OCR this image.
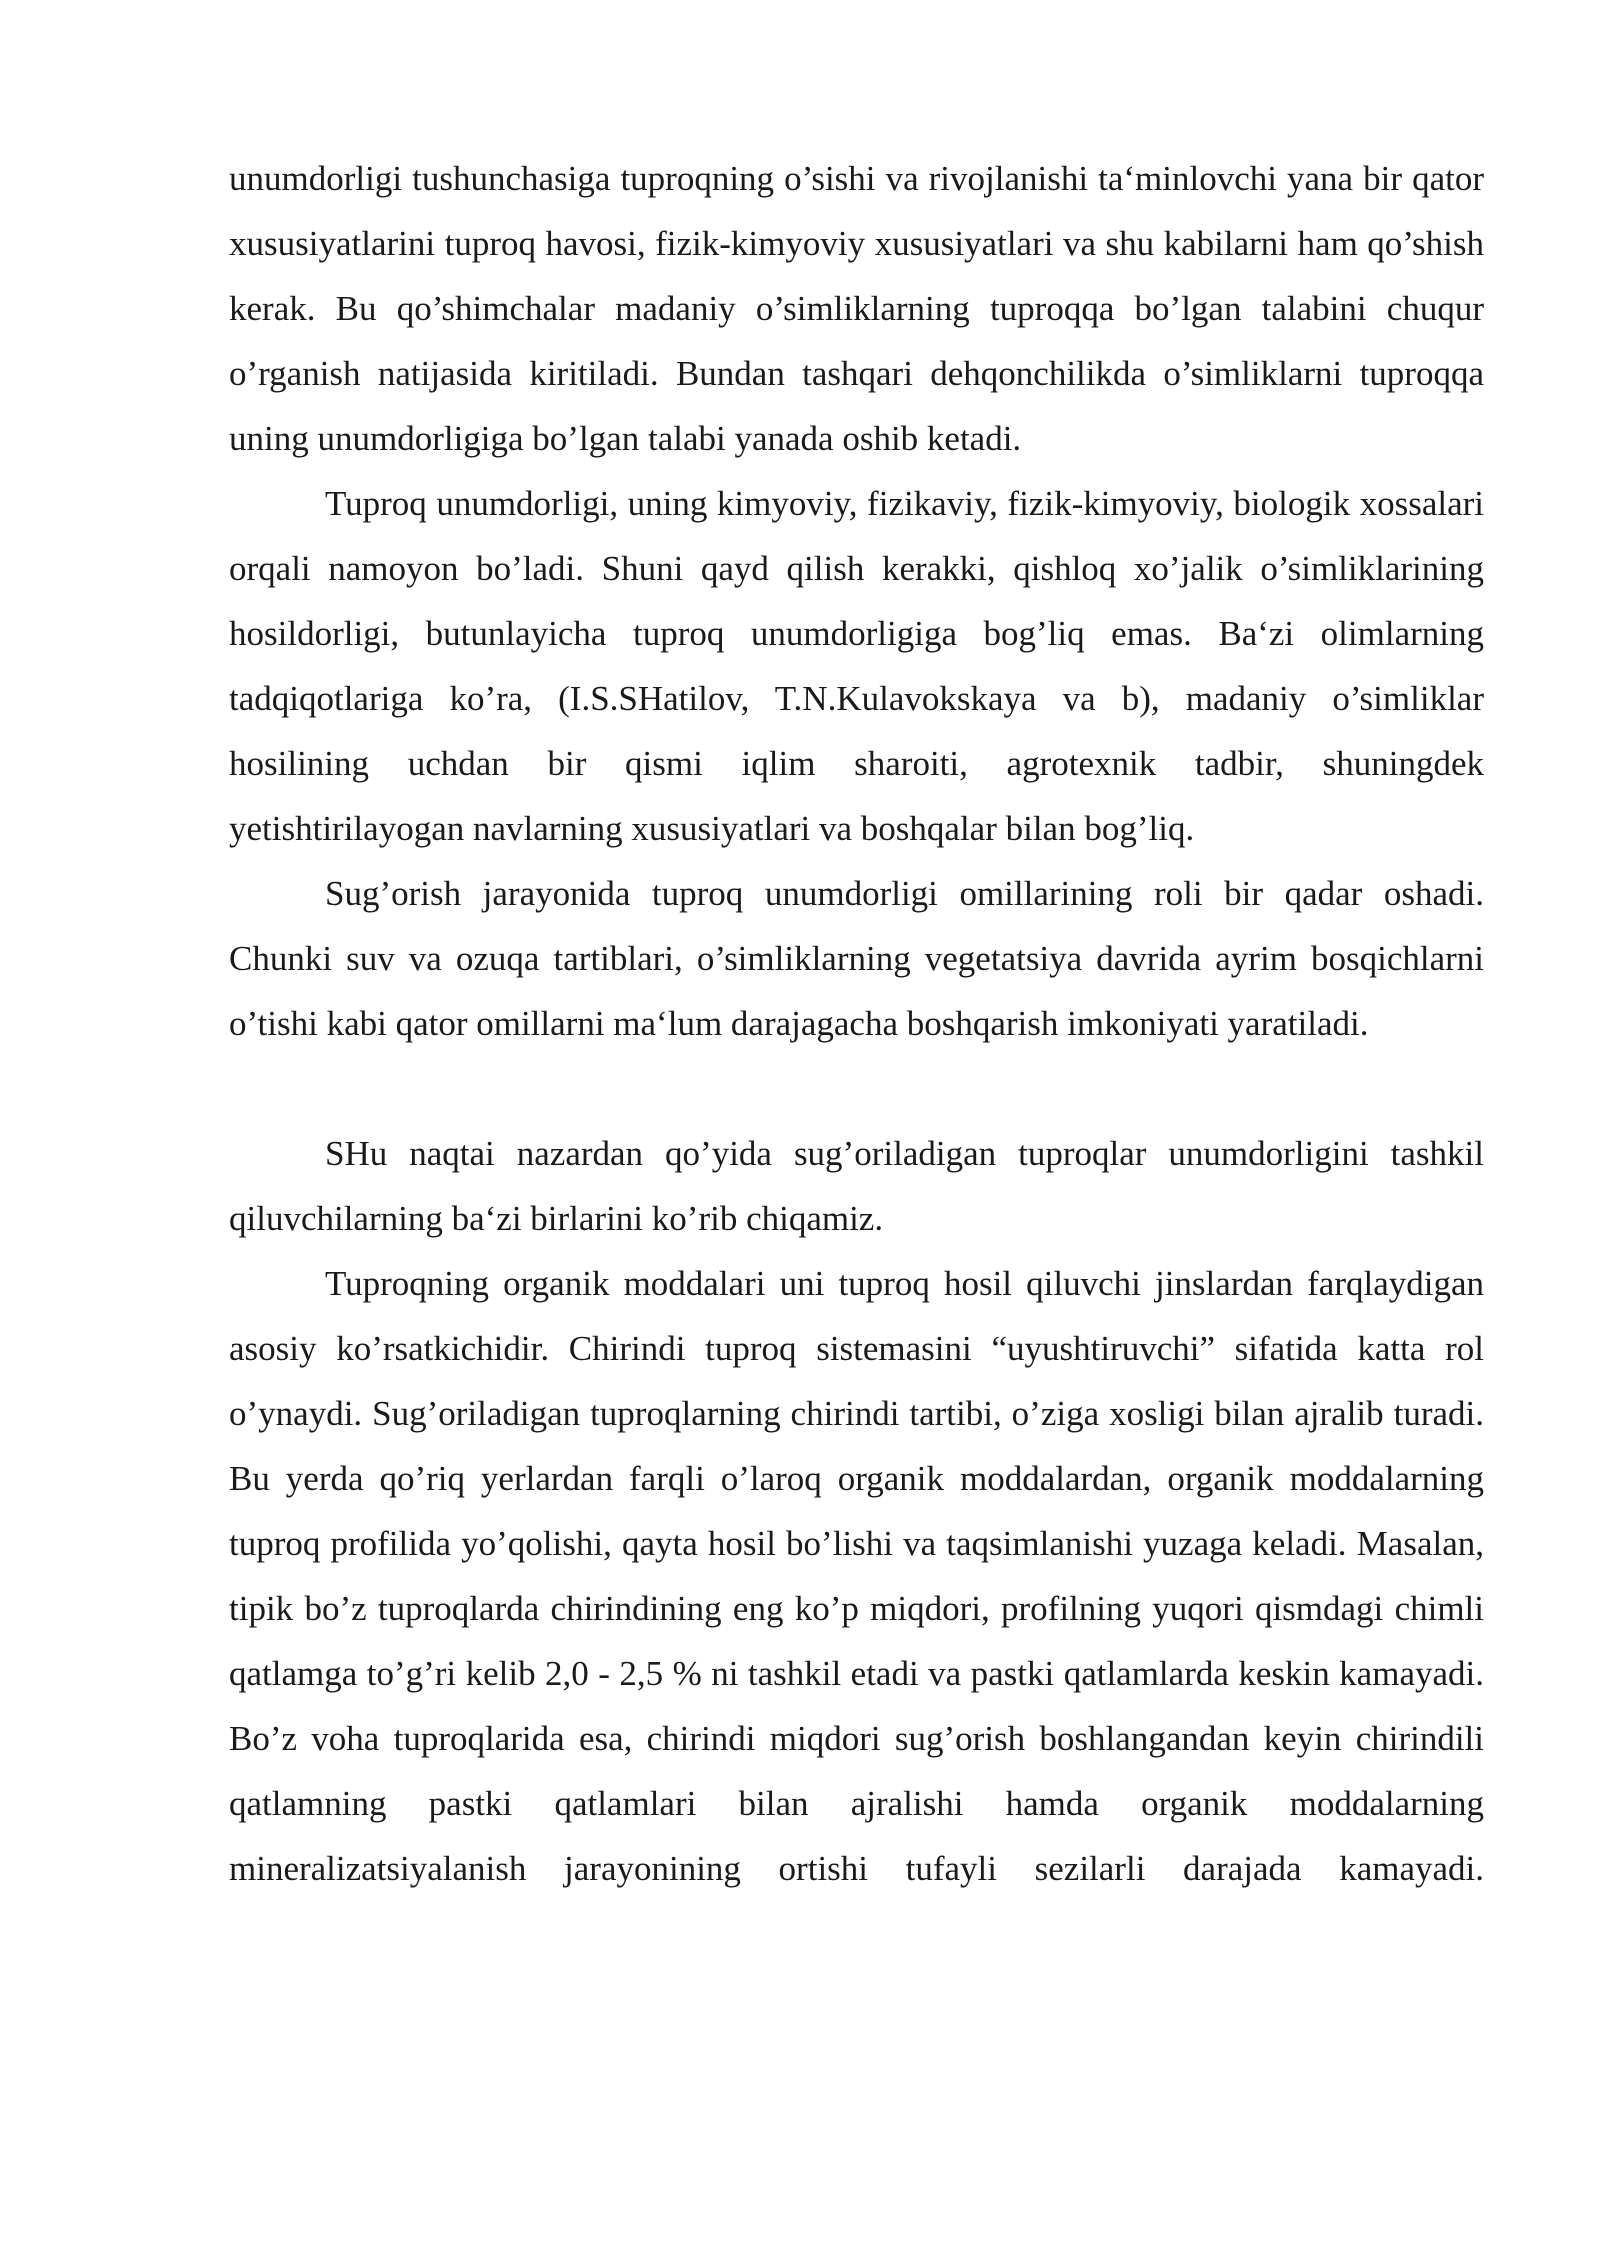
unumdorligi tushunchasiga tuproqning o’sishi va rivojlanishi ta‘minlovchi yana bir qator xususiyatlarini tuproq havosi, fizik-kimyoviy xususiyatlari va shu kabilarni ham qo’shish kerak. Bu qo’shimchalar madaniy o’simliklarning tuproqqa bo’lgan talabini chuqur o’rganish natijasida kiritiladi. Bundan tashqari dehqonchilikda o’simliklarni tuproqqa uning unumdorligiga bo’lgan talabi yanada oshib ketadi.

Tuproq unumdorligi, uning kimyoviy, fizikaviy, fizik-kimyoviy, biologik xossalari orqali namoyon bo’ladi. Shuni qayd qilish kerakki, qishloq xo’jalik o’simliklarining hosildorligi, butunlayicha tuproq unumdorligiga bog’liq emas. Ba‘zi olimlarning tadqiqotlariga ko’ra, (I.S.SHatilov, T.N.Kulavokskaya va b), madaniy o’simliklar hosilining uchdan bir qismi iqlim sharoiti, agrotexnik tadbir, shuningdek yetishtirilayogan navlarning xususiyatlari va boshqalar bilan bog’liq.

Sug’orish jarayonida tuproq unumdorligi omillarining roli bir qadar oshadi. Chunki suv va ozuqa tartiblari, o’simliklarning vegetatsiya davrida ayrim bosqichlarni o’tishi kabi qator omillarni ma‘lum darajagacha boshqarish imkoniyati yaratiladi.

SHu naqtai nazardan qo’yida sug’oriladigan tuproqlar unumdorligini tashkil qiluvchilarning ba‘zi birlarini ko’rib chiqamiz.

Tuproqning organik moddalari uni tuproq hosil qiluvchi jinslardan farqlaydigan asosiy ko’rsatkichidir. Chirindi tuproq sistemasini “uyushtiruvchi” sifatida katta rol o’ynaydi. Sug’oriladigan tuproqlarning chirindi tartibi, o’ziga xosligi bilan ajralib turadi. Bu yerda qo’riq yerlardan farqli o’laroq organik moddalardan, organik moddalarning tuproq profilida yo’qolishi, qayta hosil bo’lishi va taqsimlanishi yuzaga keladi. Masalan, tipik bo’z tuproqlarda chirindining eng ko’p miqdori, profilning yuqori qismdagi chimli qatlamga to’g’ri kelib 2,0 - 2,5 % ni tashkil etadi va pastki qatlamlarda keskin kamayadi. Bo’z voha tuproqlarida esa, chirindi miqdori sug’orish boshlangandan keyin chirindili qatlamning pastki qatlamlari bilan ajralishi hamda organik moddalarning mineralizatsiyalanish jarayonining ortishi tufayli sezilarli darajada kamayadi.
